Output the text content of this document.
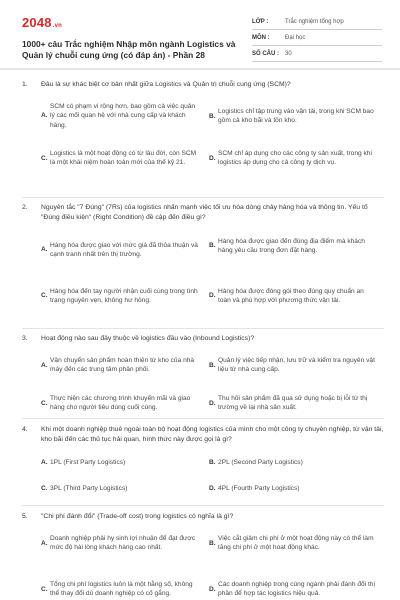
2048.vn
1000+ câu Trắc nghiệm Nhập môn ngành Logistics và Quản lý chuỗi cung ứng (có đáp án) - Phần 28
LỚP :	Trắc nghiệm tổng hợp
MÔN :	Đại học
SỐ CÂU :	30
1.	Đâu là sự khác biệt cơ bản nhất giữa Logistics và Quản trị chuỗi cung ứng (SCM)?
A.
SCM có phạm vi rộng hơn, bao gồm cả việc quản lý các mối quan hệ với nhà cung cấp và khách hàng.
B.
Logistics chỉ tập trung vào vận tải, trong khi SCM bao gồm cả kho bãi và tồn kho.
C.
Logistics là một hoạt động có từ lâu đời, còn SCM là một khái niệm hoàn toàn mới của thế kỷ 21.
D.
SCM chỉ áp dụng cho các công ty sản xuất, trong khi logistics áp dụng cho cả công ty dịch vụ.
2.	Nguyên tắc "7 Đúng" (7Rs) của logistics nhấn mạnh việc tối ưu hóa dòng chảy hàng hóa và thông tin. Yếu tố "Đúng điều kiện" (Right Condition) đề cập đến điều gì?
A.
Hàng hóa được giao với mức giá đã thỏa thuận và cạnh tranh nhất trên thị trường.
B.
Hàng hóa được giao đến đúng địa điểm mà khách hàng yêu cầu trong đơn đặt hàng.
C.
Hàng hóa đến tay người nhận cuối cùng trong tình trạng nguyên vẹn, không hư hỏng.
D.
Hàng hóa được đóng gói theo đúng quy chuẩn an toàn và phù hợp với phương thức vận tải.
3.	Hoạt động nào sau đây thuộc về logistics đầu vào (Inbound Logistics)?
A.
Vận chuyển sản phẩm hoàn thiện từ kho của nhà máy đến các trung tâm phân phối.
B.
Quản lý việc tiếp nhận, lưu trữ và kiểm tra nguyên vật liệu từ nhà cung cấp.
C.
Thực hiện các chương trình khuyến mãi và giao hàng cho người tiêu dùng cuối cùng.
D.
Thu hồi sản phẩm đã qua sử dụng hoặc bị lỗi từ thị trường về lại nhà sản xuất.
4.	Khi một doanh nghiệp thuê ngoài toàn bộ hoạt động logistics của mình cho một công ty chuyên nghiệp, từ vận tải, kho bãi đến các thủ tục hải quan, hình thức này được gọi là gì?
A. 1PL (First Party Logistics)	B. 2PL (Second Party Logistics)
C. 3PL (Third Party Logistics)	D. 4PL (Fourth Party Logistics)
5.	"Chi phí đánh đổi" (Trade-off cost) trong logistics có nghĩa là gì?
A.
Doanh nghiệp phải hy sinh lợi nhuận để đạt được mức độ hài lòng khách hàng cao nhất.
B.
Việc cắt giảm chi phí ở một hoạt động này có thể làm tăng chi phí ở một hoạt động khác.
C.
Tổng chi phí logistics luôn là một hằng số, không thể thay đổi dù doanh nghiệp có cố gắng.
D.
Các doanh nghiệp trong cùng ngành phải đánh đổi thị phần để hợp tác logistics hiệu quả.
